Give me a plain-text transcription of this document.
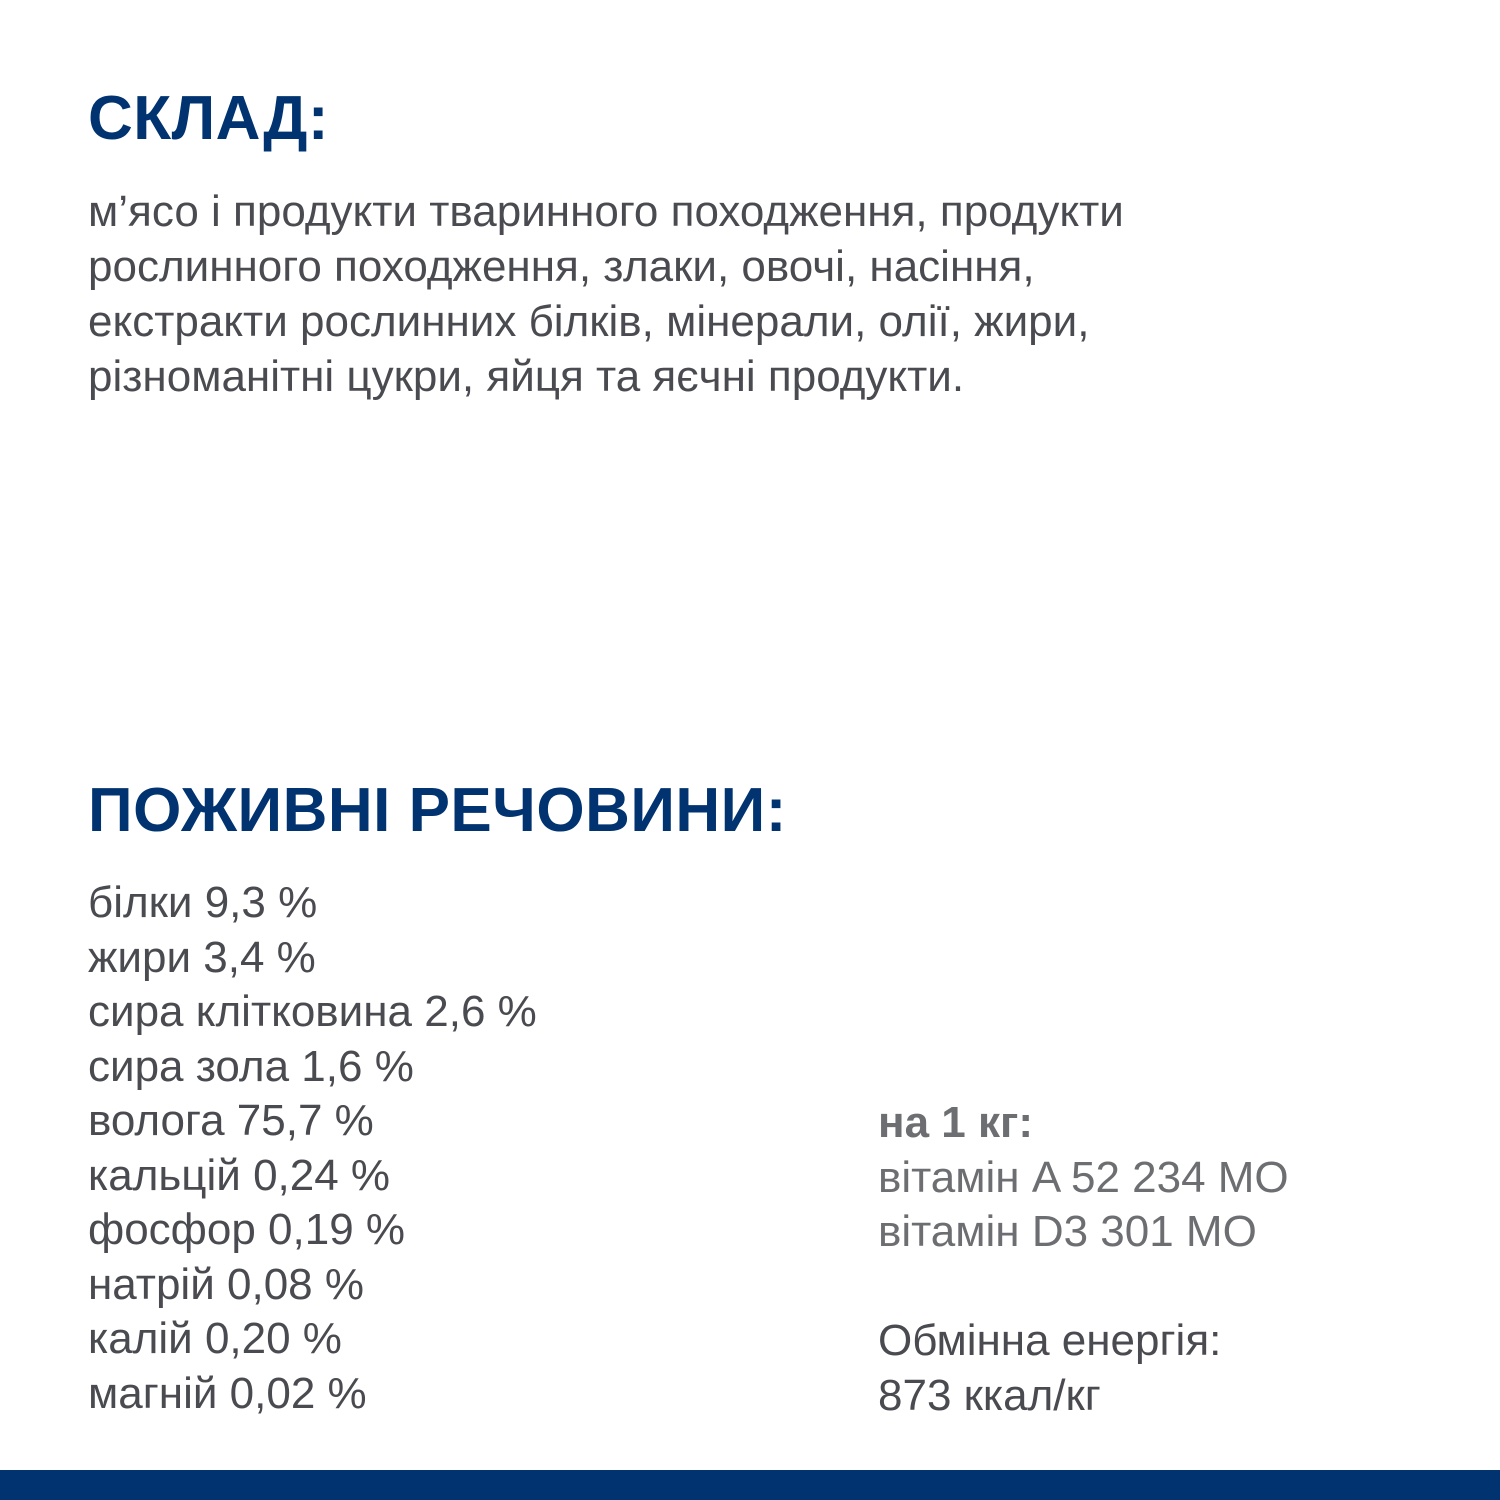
СКЛАД:
м’ясо і продукти тваринного походження, продукти
рослинного походження, злаки, овочі, насіння,
екстракти рослинних білків, мінерали, олії, жири,
різноманітні цукри, яйця та яєчні продукти.
ПОЖИВНІ РЕЧОВИНИ:
білки 9,3 %
жири 3,4 %
сира клітковина 2,6 %
сира зола 1,6 %
волога 75,7 %
кальцій 0,24 %
фосфор 0,19 %
натрій 0,08 %
калій 0,20 %
магній 0,02 %
на 1 кг:
вітамін A 52 234 МО
вітамін D3 301 МО
Обмінна енергія:
873 ккал/кг
